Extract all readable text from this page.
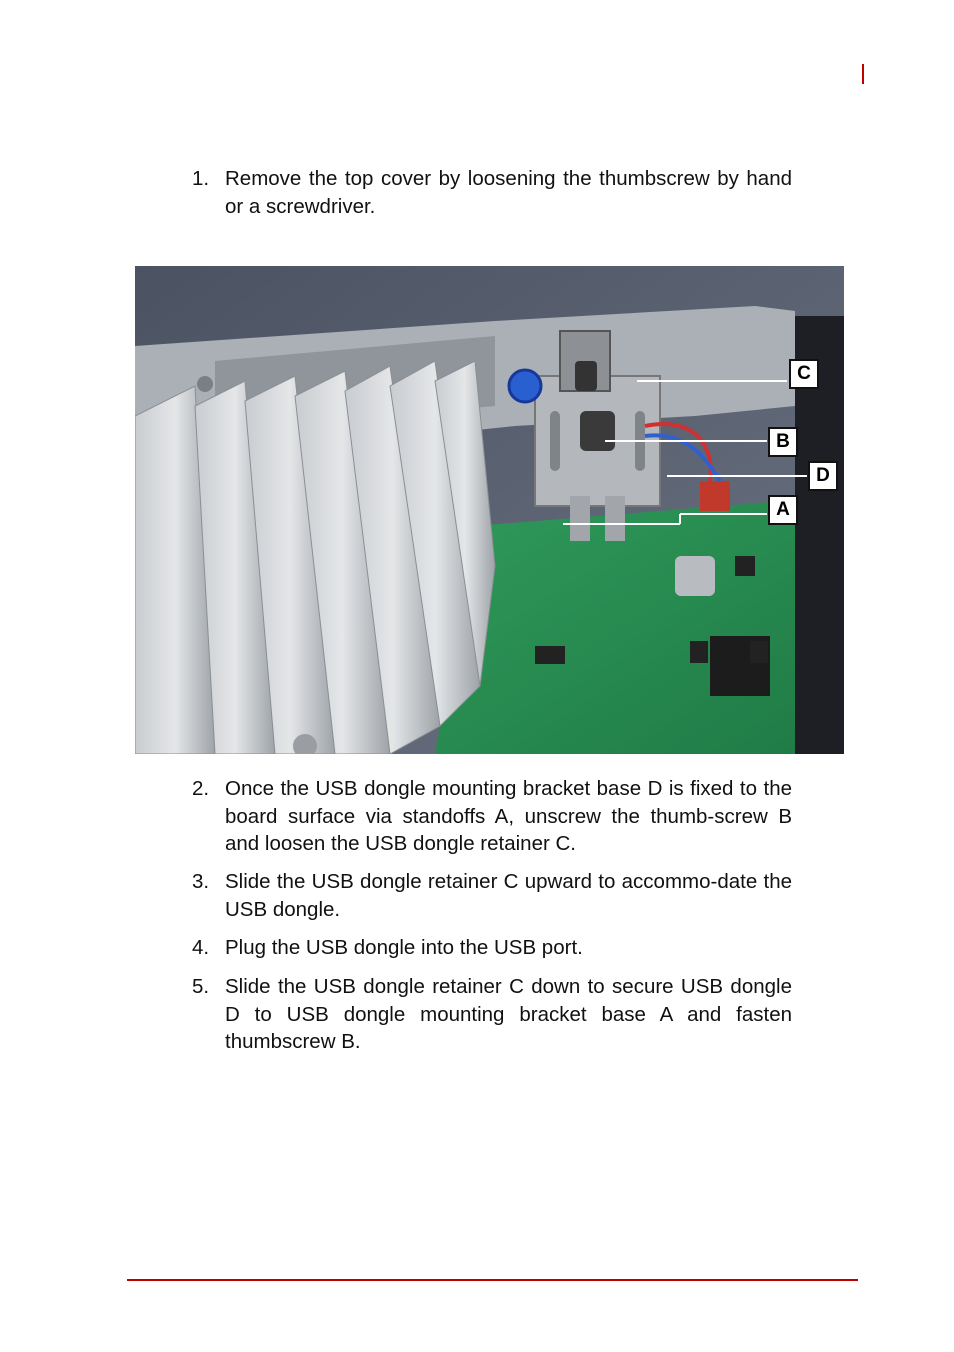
1. Remove the top cover by loosening the thumbscrew by hand or a screwdriver.
C
B
D
A
2. Once the USB dongle mounting bracket base D is fixed to the board surface via standoffs A, unscrew the thumb-screw B and loosen the USB dongle retainer C.
3. Slide the USB dongle retainer C upward to accommo-date the USB dongle.
4. Plug the USB dongle into the USB port.
5. Slide the USB dongle retainer C down to secure USB dongle D to USB dongle mounting bracket base A and fasten thumbscrew B.
